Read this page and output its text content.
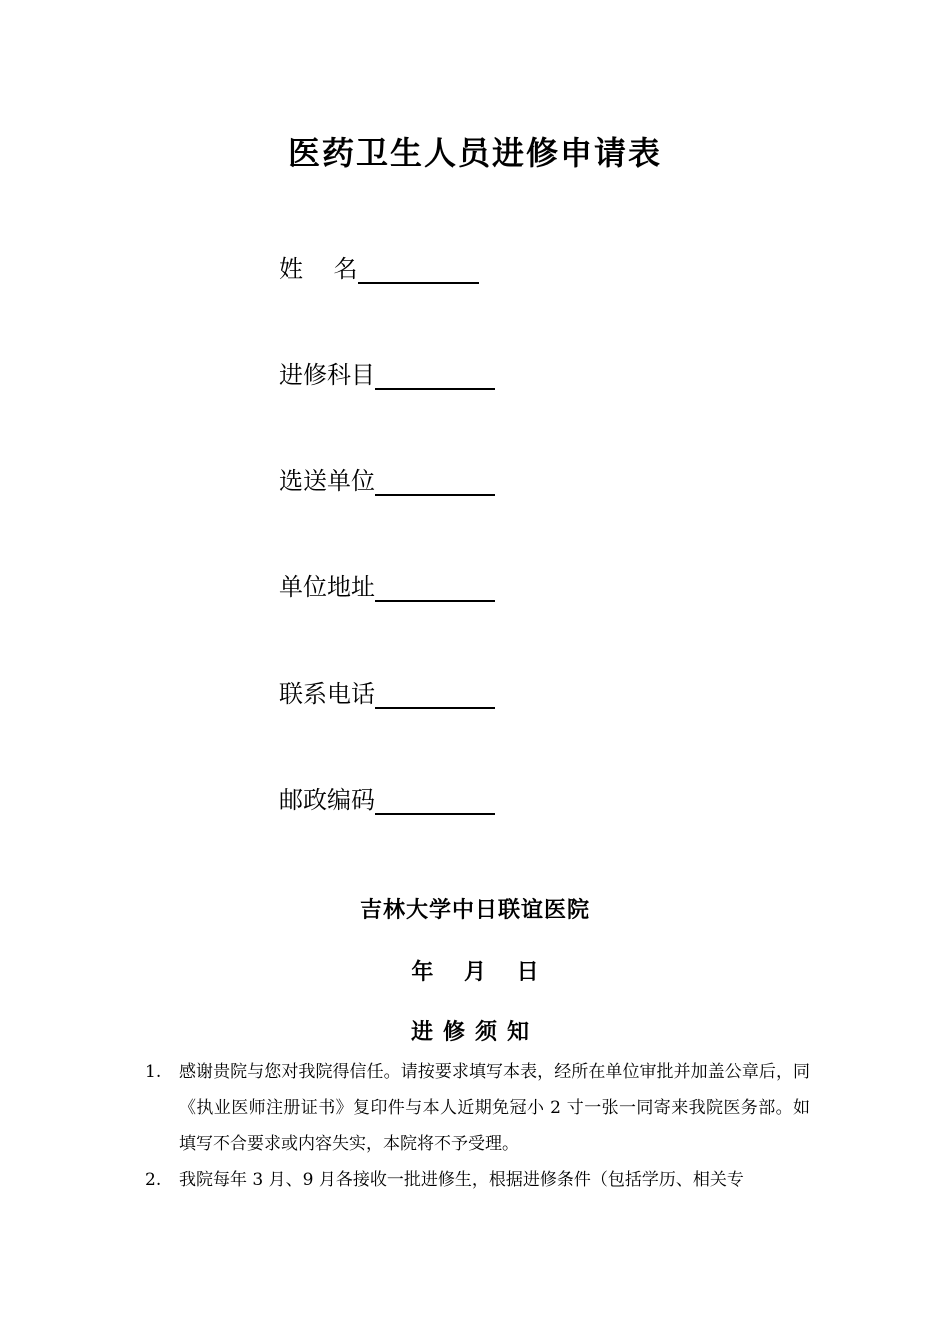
医药卫生人员进修申请表
姓    名
进修科目
选送单位
单位地址
联系电话
邮政编码
吉林大学中日联谊医院
年    月    日
进修须知
1.	感谢贵院与您对我院得信任。请按要求填写本表，经所在单位审批并加盖公章后，同《执业医师注册证书》复印件与本人近期免冠小 2 寸一张一同寄来我院医务部。如填写不合要求或内容失实，本院将不予受理。
2.	我院每年 3 月、9 月各接收一批进修生，根据进修条件（包括学历、相关专
